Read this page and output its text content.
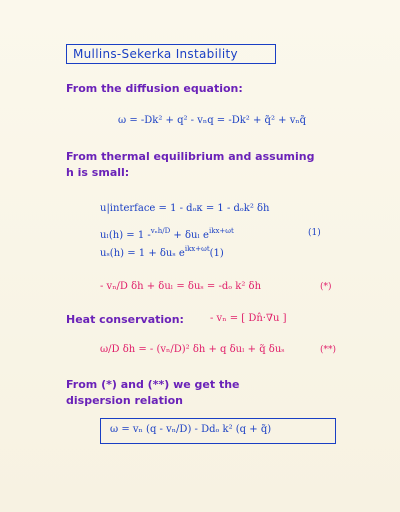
Mullins-Sekerka Instability
From the diffusion equation:
ω = -Dk² + q² - vₙq = -Dk² + q̃² + vₙq̃
From thermal equilibrium and assuming
h is small:
u|interface = 1 - dₒκ = 1 - dₒk² δh
uₗ(h) = 1 -$^{v_nh/D}$ + δuₗ $e^{ikx+\omega t}$	(1)
uₛ(h) = 1 + δuₛ $e^{ikx+\omega t}(1)$
- vₙ/D δh + δuₗ = δuₛ = -dₒ k² δh	(*)
Heat conservation:	- vₙ = [ Dn̂·∇u ]
ω/D δh = - (vₙ/D)² δh + q δuₗ + q̃ δuₛ	(**)
From (*) and (**) we get the
dispersion relation
ω = vₙ (q - vₙ/D) - Ddₒ k² (q + q̃)
